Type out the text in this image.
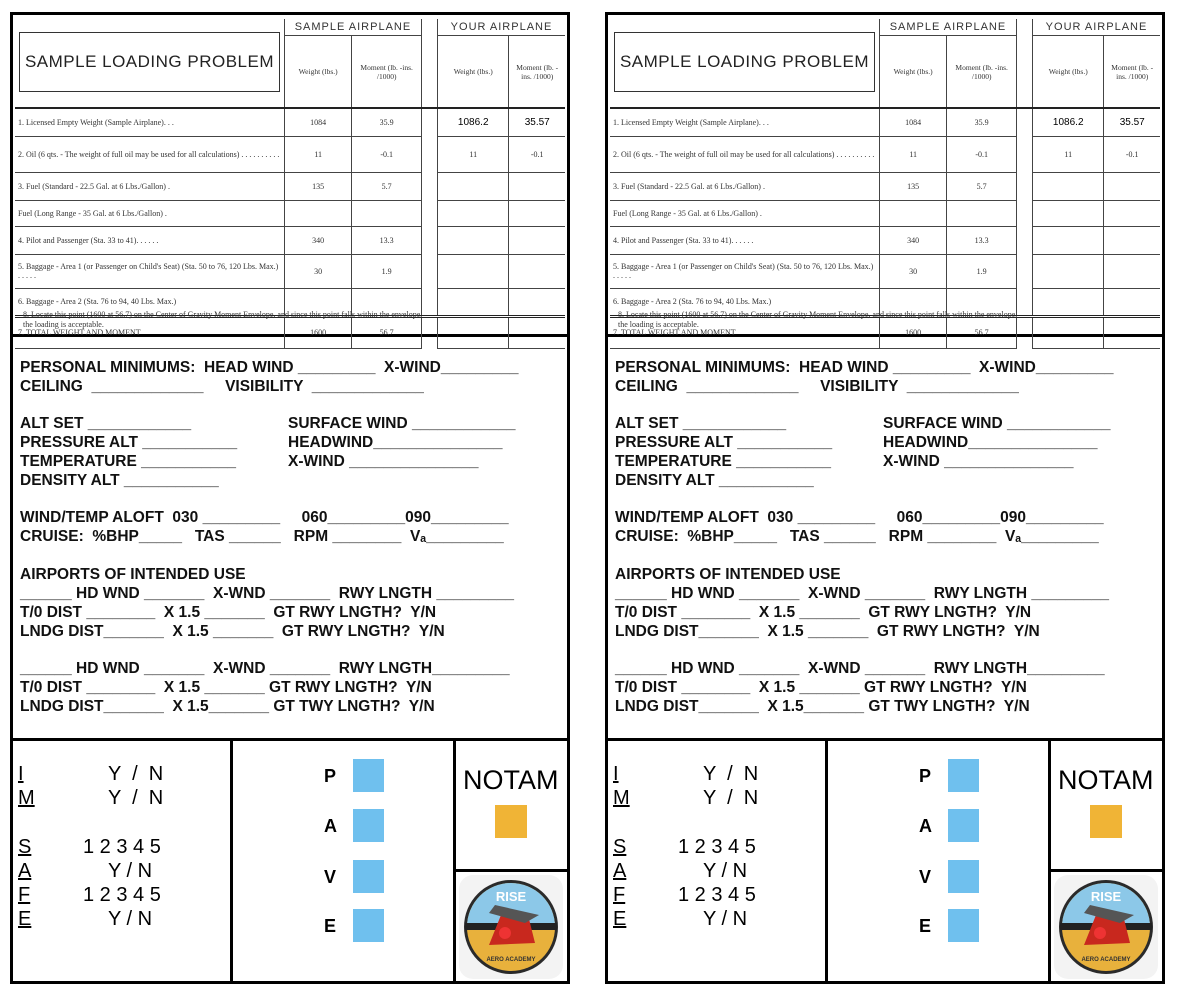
SAMPLE LOADING PROBLEM	SAMPLE AIRPLANE			YOUR AIRPLANE	
	Weight (lbs.)	Moment (lb. -ins. /1000)		Weight (lbs.)	Moment (lb. -ins. /1000)
1. Licensed Empty Weight (Sample Airplane). . .	1084	35.9		1086.2	35.57
2. Oil (6 qts. - The weight of full oil may be used for all calculations) . . . . . . . . . .	11	-0.1		11	-0.1
3. Fuel (Standard - 22.5 Gal. at 6 Lbs./Gallon) .	135	5.7			
Fuel (Long Range - 35 Gal. at 6 Lbs./Gallon) .					
4. Pilot and Passenger (Sta. 33 to 41). . . . . .	340	13.3			
5. Baggage - Area 1 (or Passenger on Child's Seat) (Sta. 50 to 76, 120 Lbs. Max.) . . . . .	30	1.9			
6. Baggage - Area 2 (Sta. 76 to 94, 40 Lbs. Max.)					
7. TOTAL WEIGHT AND MOMENT	1600	56.7			
8. Locate this point (1600 at 56.7) on the Center of Gravity Moment Envelope, and since this point falls within the envelope, the loading is acceptable.
PERSONAL MINIMUMS:  HEAD WIND _________  X-WIND_________
CEILING  _____________     VISIBILITY  _____________
ALT SET ____________
PRESSURE ALT ___________
TEMPERATURE ___________
DENSITY ALT ___________
WIND/TEMP ALOFT  030 _________     060_________090_________
CRUISE:  %BHP_____   TAS ______   RPM ________  Vₐ_________
AIRPORTS OF INTENDED USE
______ HD WND _______  X-WND _______  RWY LNGTH _________
T/0 DIST ________  X 1.5 _______  GT RWY LNGTH?  Y/N
LNDG DIST_______  X 1.5 _______  GT RWY LNGTH?  Y/N
______ HD WND _______  X-WND _______  RWY LNGTH_________
T/0 DIST ________  X 1.5 _______ GT RWY LNGTH?  Y/N
LNDG DIST_______  X 1.5_______ GT TWY LNGTH?  Y/N
SURFACE WIND ____________
HEADWIND_______________
X-WIND _______________
I	Y  /  N
M	Y  /  N
S	1 2 3 4 5
A	Y / N
F	1 2 3 4 5
E	Y / N
P
A
V
E
NOTAM
RISE
AERO ACADEMY
SAMPLE LOADING PROBLEM	SAMPLE AIRPLANE			YOUR AIRPLANE	
	Weight (lbs.)	Moment (lb. -ins. /1000)		Weight (lbs.)	Moment (lb. -ins. /1000)
1. Licensed Empty Weight (Sample Airplane). . .	1084	35.9		1086.2	35.57
2. Oil (6 qts. - The weight of full oil may be used for all calculations) . . . . . . . . . .	11	-0.1		11	-0.1
3. Fuel (Standard - 22.5 Gal. at 6 Lbs./Gallon) .	135	5.7			
Fuel (Long Range - 35 Gal. at 6 Lbs./Gallon) .					
4. Pilot and Passenger (Sta. 33 to 41). . . . . .	340	13.3			
5. Baggage - Area 1 (or Passenger on Child's Seat) (Sta. 50 to 76, 120 Lbs. Max.) . . . . .	30	1.9			
6. Baggage - Area 2 (Sta. 76 to 94, 40 Lbs. Max.)					
7. TOTAL WEIGHT AND MOMENT	1600	56.7			
8. Locate this point (1600 at 56.7) on the Center of Gravity Moment Envelope, and since this point falls within the envelope, the loading is acceptable.
PERSONAL MINIMUMS:  HEAD WIND _________  X-WIND_________
CEILING  _____________     VISIBILITY  _____________
ALT SET ____________
PRESSURE ALT ___________
TEMPERATURE ___________
DENSITY ALT ___________
WIND/TEMP ALOFT  030 _________     060_________090_________
CRUISE:  %BHP_____   TAS ______   RPM ________  Vₐ_________
AIRPORTS OF INTENDED USE
______ HD WND _______  X-WND _______  RWY LNGTH _________
T/0 DIST ________  X 1.5 _______  GT RWY LNGTH?  Y/N
LNDG DIST_______  X 1.5 _______  GT RWY LNGTH?  Y/N
______ HD WND _______  X-WND _______  RWY LNGTH_________
T/0 DIST ________  X 1.5 _______ GT RWY LNGTH?  Y/N
LNDG DIST_______  X 1.5_______ GT TWY LNGTH?  Y/N
SURFACE WIND ____________
HEADWIND_______________
X-WIND _______________
I	Y  /  N
M	Y  /  N
S	1 2 3 4 5
A	Y / N
F	1 2 3 4 5
E	Y / N
P
A
V
E
NOTAM
RISE
AERO ACADEMY
